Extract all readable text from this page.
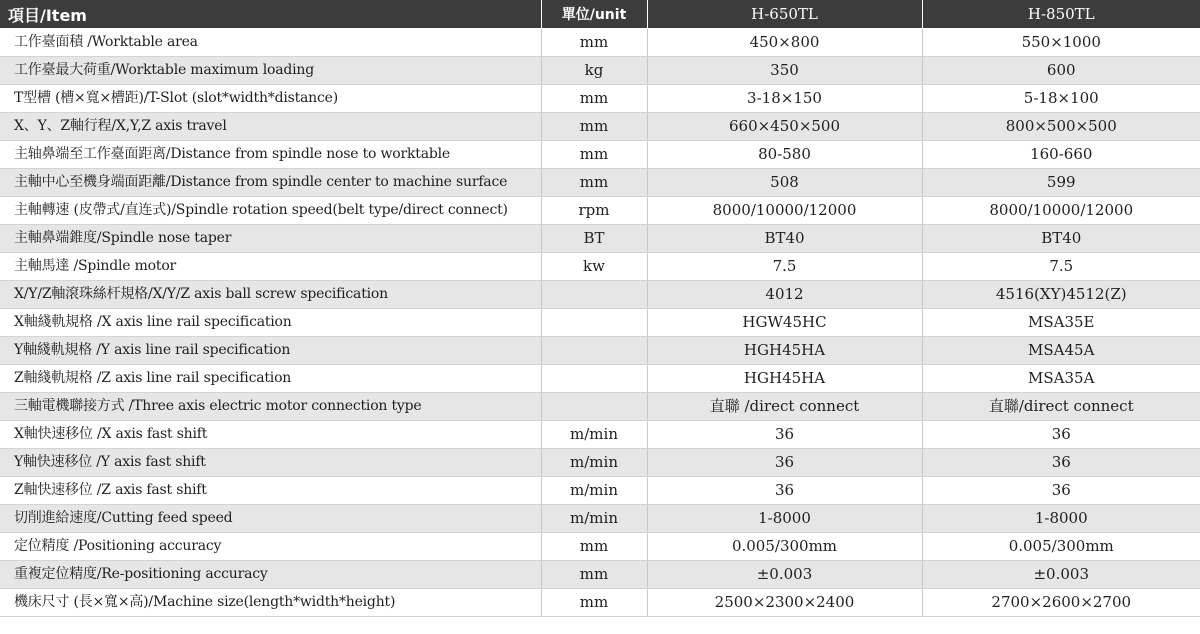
項目/Item	單位/unit	H-650TL	H-850TL
工作臺面積 /Worktable area	mm	450×800	550×1000
工作臺最大荷重/Worktable maximum loading	kg	350	600
T型槽 (槽×寬×槽距)/T-Slot (slot*width*distance)	mm	3-18×150	5-18×100
X、Y、Z軸行程/X,Y,Z axis travel	mm	660×450×500	800×500×500
主轴鼻端至工作臺面距离/Distance from spindle nose to worktable	mm	80-580	160-660
主軸中心至機身端面距離/Distance from spindle center to machine surface	mm	508	599
主軸轉速 (皮帶式/直连式)/Spindle rotation speed(belt type/direct connect)	rpm	8000/10000/12000	8000/10000/12000
主軸鼻端錐度/Spindle nose taper	BT	BT40	BT40
主軸馬達 /Spindle motor	kw	7.5	7.5
X/Y/Z軸滾珠絲杆規格/X/Y/Z axis ball screw specification		4012	4516(XY)4512(Z)
X軸綫軌規格 /X axis line rail specification		HGW45HC	MSA35E
Y軸綫軌規格 /Y axis line rail specification		HGH45HA	MSA45A
Z軸綫軌規格 /Z axis line rail specification		HGH45HA	MSA35A
三軸電機聯接方式 /Three axis electric motor connection type		直聯 /direct connect	直聯/direct connect
X軸快速移位 /X axis fast shift	m/min	36	36
Y軸快速移位 /Y axis fast shift	m/min	36	36
Z軸快速移位 /Z axis fast shift	m/min	36	36
切削進給速度/Cutting feed speed	m/min	1-8000	1-8000
定位精度 /Positioning accuracy	mm	0.005/300mm	0.005/300mm
重複定位精度/Re-positioning accuracy	mm	±0.003	±0.003
機床尺寸 (長×寬×高)/Machine size(length*width*height)	mm	2500×2300×2400	2700×2600×2700
